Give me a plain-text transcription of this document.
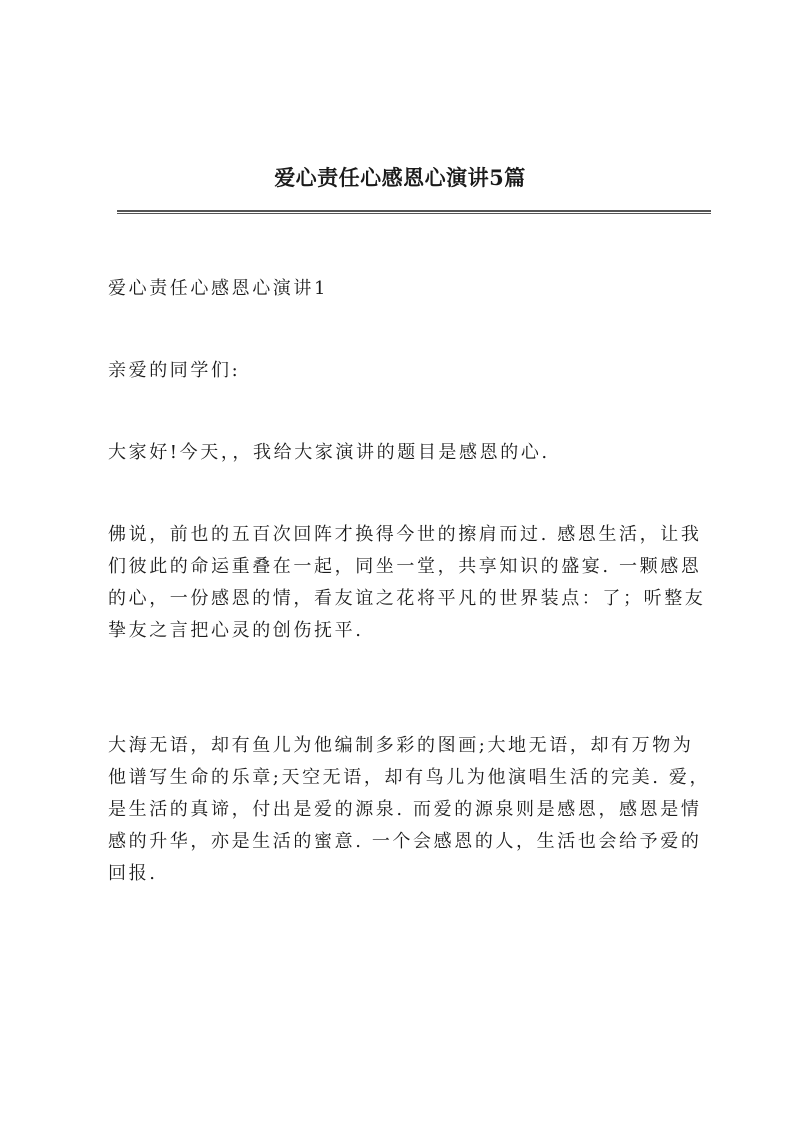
爱心责任心感恩心演讲5篇

爱心责任心感恩心演讲1

亲爱的同学们:

大家好!今天，，我给大家演讲的题目是感恩的心.

佛说，前也的五百次回阵才换得今世的擦肩而过. 感恩生活，让我们彼此的命运重叠在一起，同坐一堂，共享知识的盛宴. 一颗感恩的心，一份感恩的情，看友谊之花将平凡的世界装点：了；听整友挚友之言把心灵的创伤抚平.

大海无语，却有鱼儿为他编制多彩的图画;大地无语，却有万物为他谱写生命的乐章;天空无语，却有鸟儿为他演唱生活的完美. 爱，是生活的真谛，付出是爱的源泉. 而爱的源泉则是感恩，感恩是情感的升华，亦是生活的蜜意. 一个会感恩的人，生活也会给予爱的回报.
